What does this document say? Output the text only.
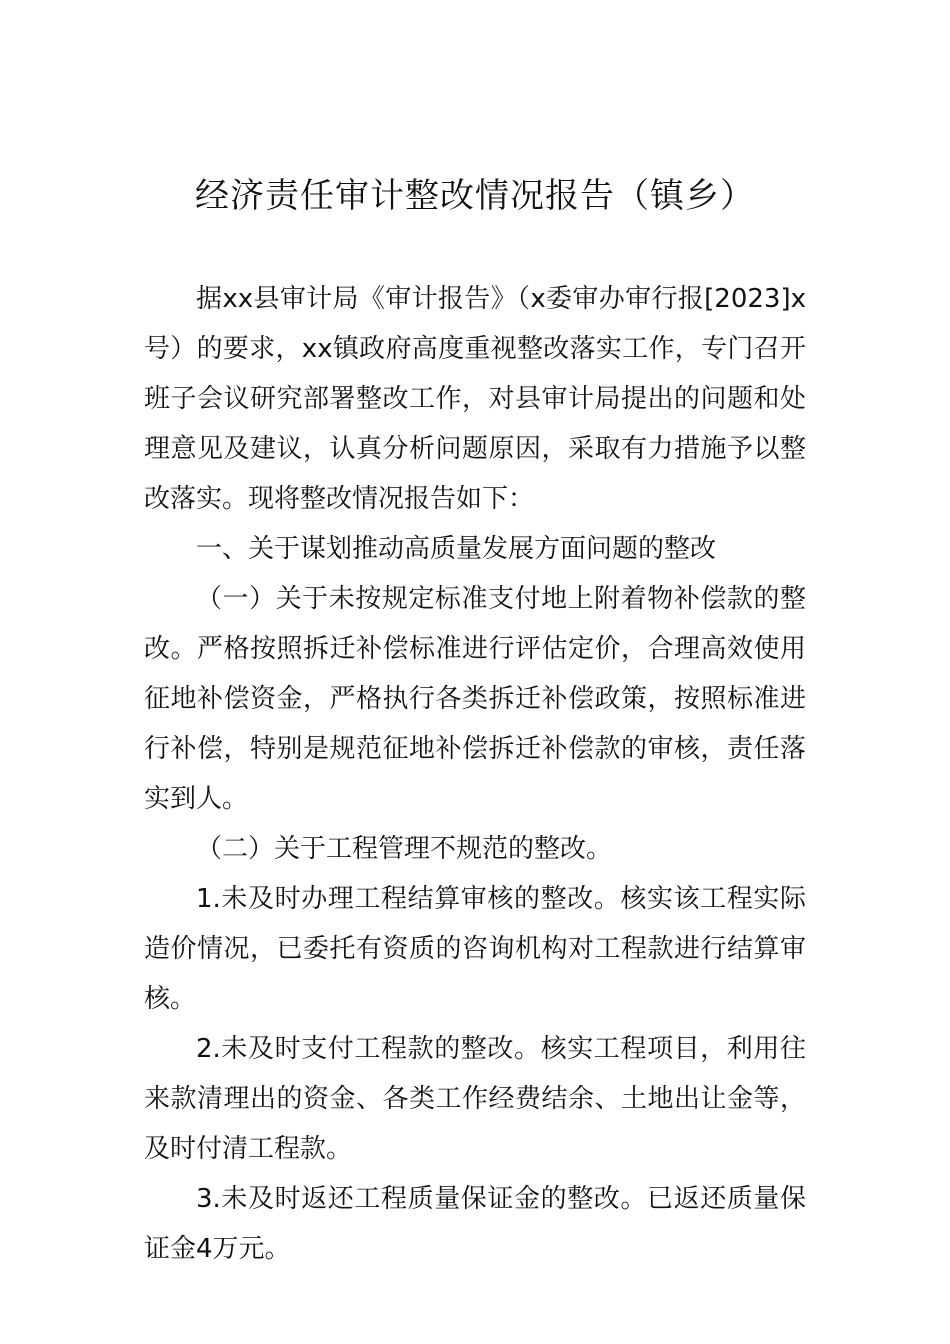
经济责任审计整改情况报告（镇乡）

据xx县审计局《审计报告》（x委审办审行报[2023]x号）的要求，xx镇政府高度重视整改落实工作，专门召开班子会议研究部署整改工作，对县审计局提出的问题和处理意见及建议，认真分析问题原因，采取有力措施予以整改落实。现将整改情况报告如下：

一、关于谋划推动高质量发展方面问题的整改

（一）关于未按规定标准支付地上附着物补偿款的整改。严格按照拆迁补偿标准进行评估定价，合理高效使用征地补偿资金，严格执行各类拆迁补偿政策，按照标准进行补偿，特别是规范征地补偿拆迁补偿款的审核，责任落实到人。

（二）关于工程管理不规范的整改。

1.未及时办理工程结算审核的整改。核实该工程实际造价情况，已委托有资质的咨询机构对工程款进行结算审核。

2.未及时支付工程款的整改。核实工程项目，利用往来款清理出的资金、各类工作经费结余、土地出让金等，及时付清工程款。

3.未及时返还工程质量保证金的整改。已返还质量保证金4万元。
